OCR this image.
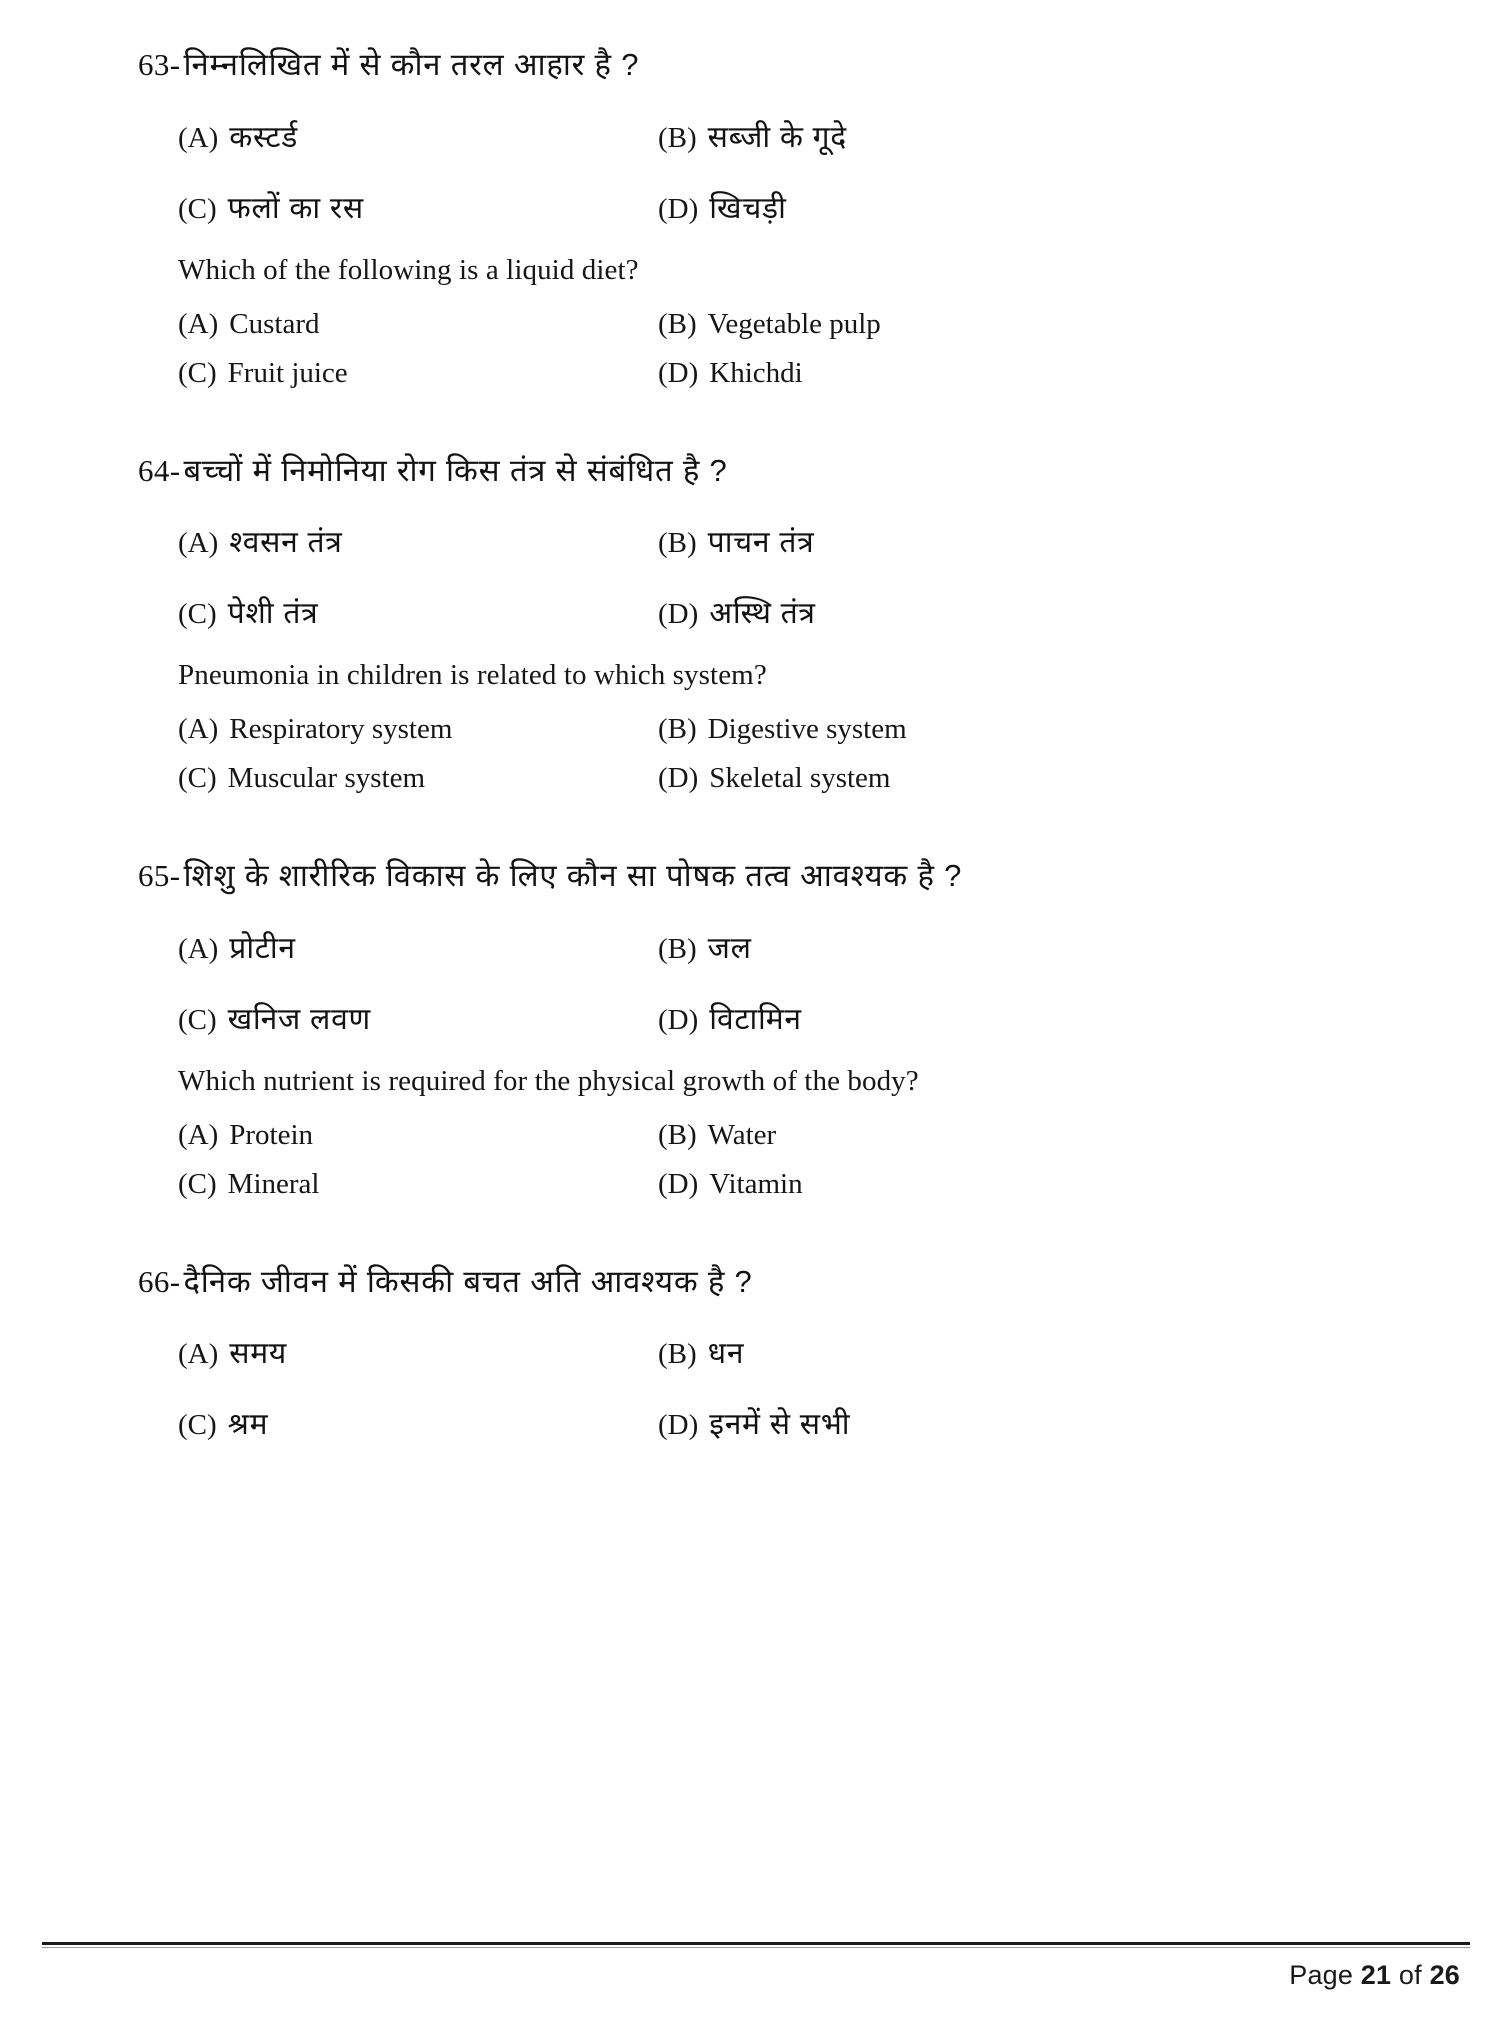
63- निम्नलिखित में से कौन तरल आहार है ?
(A) कस्टर्ड	(B) सब्जी के गूदे
(C) फलों का रस	(D) खिचड़ी
Which of the following is a liquid diet?
(A) Custard	(B) Vegetable pulp
(C) Fruit juice	(D) Khichdi
64- बच्चों में निमोनिया रोग किस तंत्र से संबंधित है ?
(A) श्वसन तंत्र	(B) पाचन तंत्र
(C) पेशी तंत्र	(D) अस्थि तंत्र
Pneumonia in children is related to which system?
(A) Respiratory system	(B) Digestive system
(C) Muscular system	(D) Skeletal system
65- शिशु के शारीरिक विकास के लिए कौन सा पोषक तत्व आवश्यक है ?
(A) प्रोटीन	(B) जल
(C) खनिज लवण	(D) विटामिन
Which nutrient is required for the physical growth of the body?
(A) Protein	(B) Water
(C) Mineral	(D) Vitamin
66- दैनिक जीवन में किसकी बचत अति आवश्यक है ?
(A) समय	(B) धन
(C) श्रम	(D) इनमें से सभी
Page 21 of 26
